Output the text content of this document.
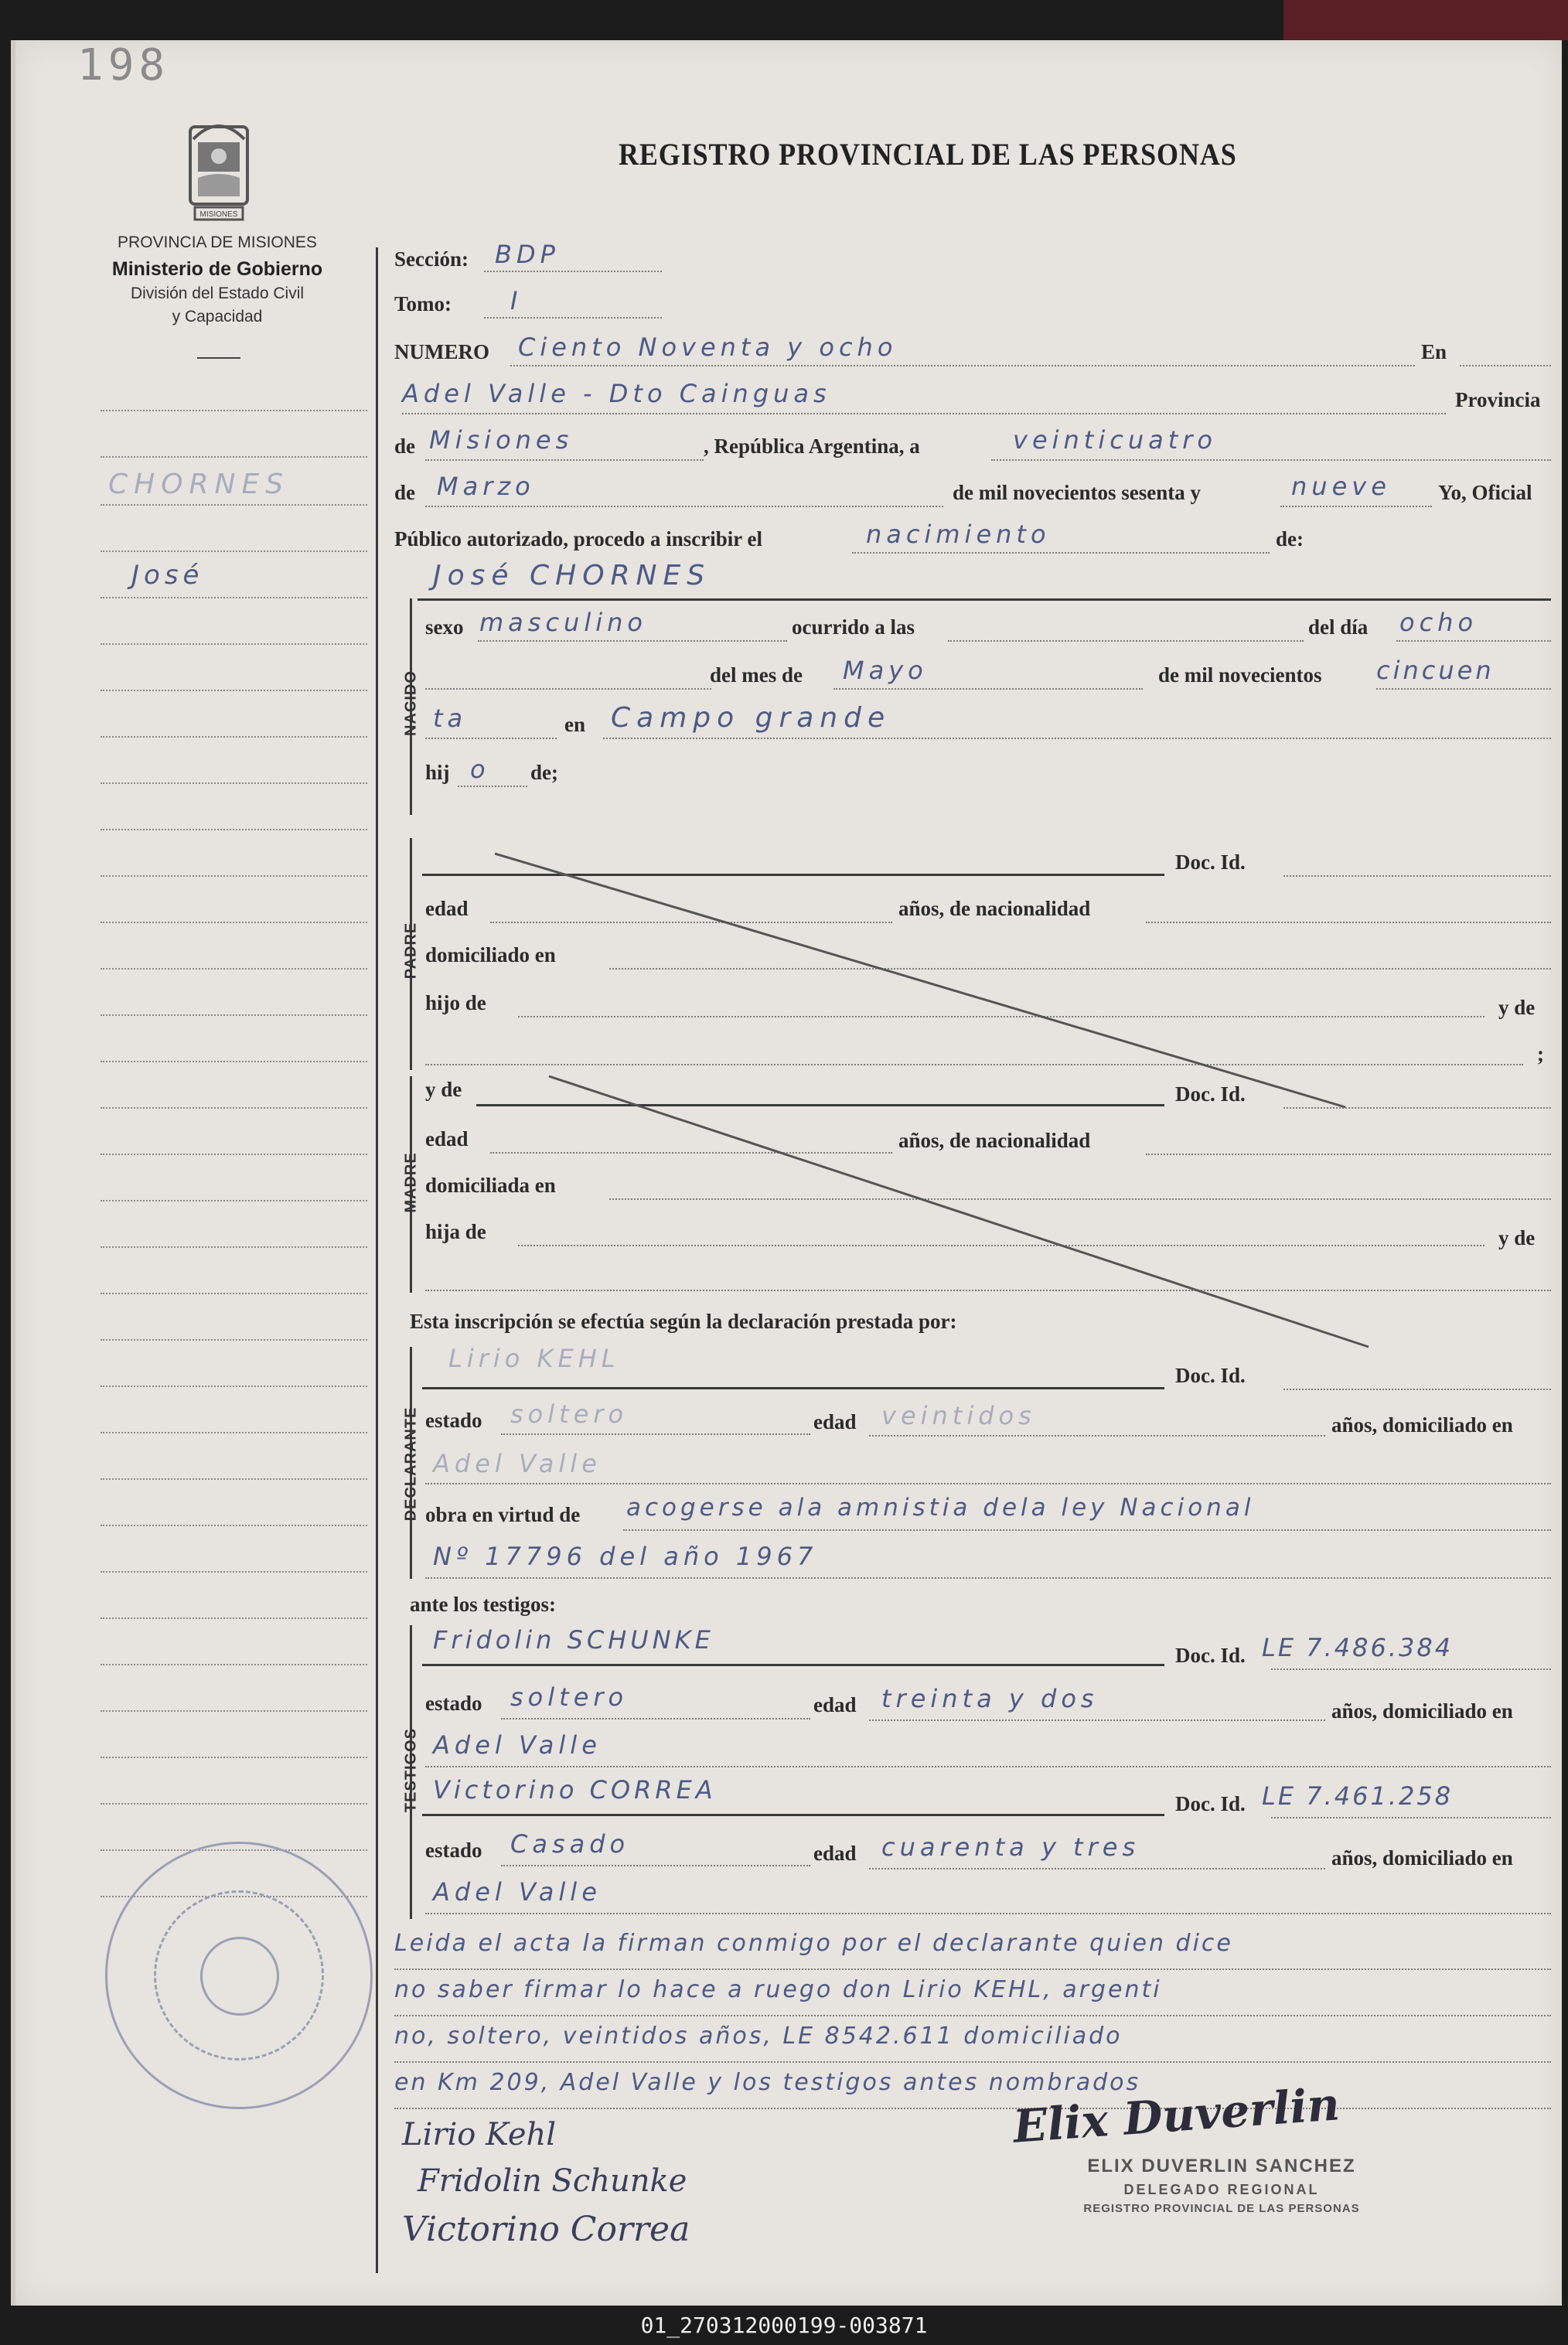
198
MISIONES
PROVINCIA DE MISIONES
Ministerio de Gobierno
División del Estado Civil
y Capacidad
REGISTRO PROVINCIAL DE LAS PERSONAS
CHORNES
José
Sección: BDP
Tomo: I
NUMERO Ciento Noventa y ocho	En
Adel Valle - Dto Cainguas	Provincia
de Misiones	, República Argentina, a	veinticuatro
de Marzo	de mil novecientos sesenta y	nueve Yo, Oficial
Público autorizado, procedo a inscribir el	nacimiento	de:
José CHORNES
NACIDO
sexo masculino	ocurrido a las	del día ocho
del mes de Mayo	de mil novecientos cincuen
ta	en Campo grande
hij o de;
PADRE
Doc. Id.
edad	años, de nacionalidad
domiciliado en
hijo de	y de
;
MADRE
y de	Doc. Id.
edad	años, de nacionalidad
domiciliada en
hija de	y de
Esta inscripción se efectúa según la declaración prestada por:
DECLARANTE
Lirio KEHL
Doc. Id.
estado soltero	edad veintidos	años, domiciliado en
Adel Valle
obra en virtud de acogerse ala amnistia dela ley Nacional
Nº 17796 del año 1967
ante los testigos:
TESTIGOS
Fridolin SCHUNKE
Doc. Id. LE 7.486.384
estado soltero	edad treinta y dos	años, domiciliado en
Adel Valle
Victorino CORREA	Doc. Id. LE 7.461.258
estado Casado	edad cuarenta y tres	años, domiciliado en
Adel Valle
Leida el acta la firman conmigo por el declarante quien dice
no saber firmar lo hace a ruego don Lirio KEHL, argenti
no, soltero, veintidos años, LE 8542.611 domiciliado
en Km 209, Adel Valle y los testigos antes nombrados
Lirio Kehl
Fridolin Schunke
Victorino Correa
Elix Duverlin
ELIX DUVERLIN SANCHEZ
DELEGADO REGIONAL
REGISTRO PROVINCIAL DE LAS PERSONAS
01_270312000199-003871
